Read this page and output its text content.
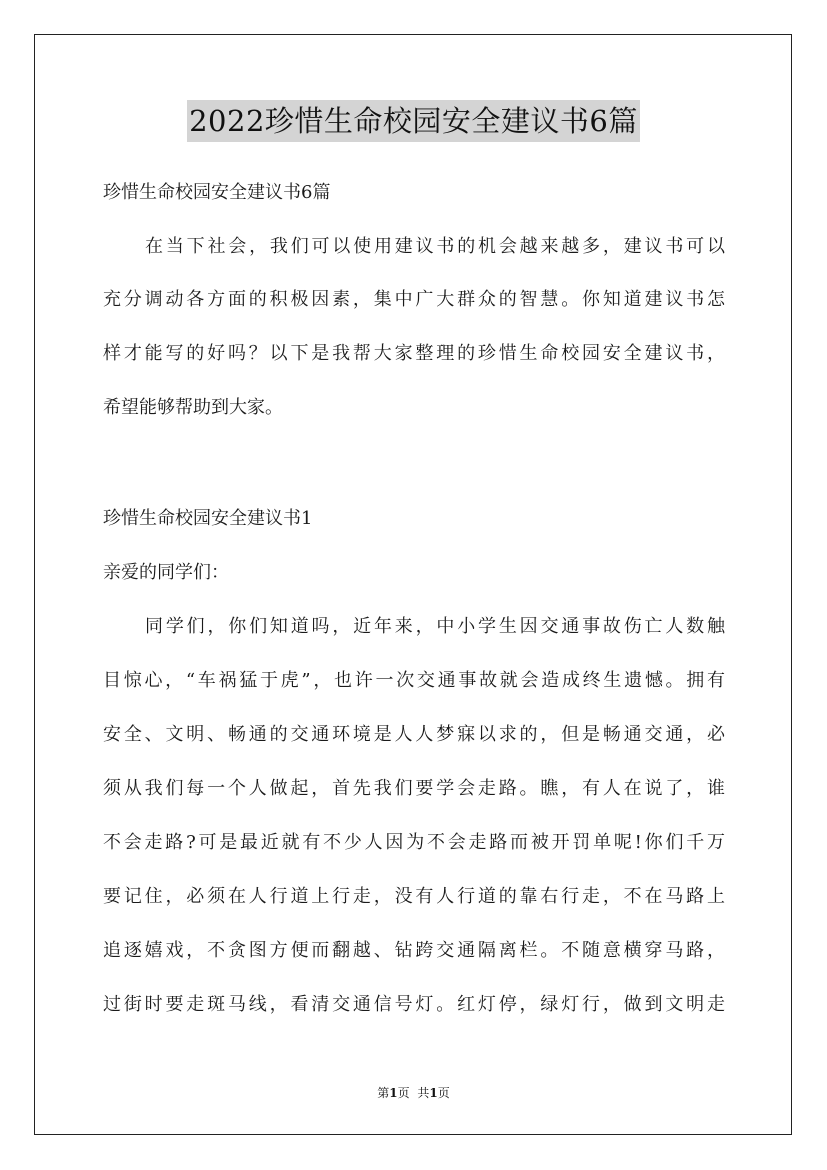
2022珍惜生命校园安全建议书6篇
珍惜生命校园安全建议书6篇
在当下社会，我们可以使用建议书的机会越来越多，建议书可以
充分调动各方面的积极因素，集中广大群众的智慧。你知道建议书怎
样才能写的好吗？以下是我帮大家整理的珍惜生命校园安全建议书，
希望能够帮助到大家。
珍惜生命校园安全建议书1
亲爱的同学们：
同学们，你们知道吗，近年来，中小学生因交通事故伤亡人数触
目惊心，“车祸猛于虎”，也许一次交通事故就会造成终生遗憾。拥有
安全、文明、畅通的交通环境是人人梦寐以求的，但是畅通交通，必
须从我们每一个人做起，首先我们要学会走路。瞧，有人在说了，谁
不会走路?可是最近就有不少人因为不会走路而被开罚单呢!你们千万
要记住，必须在人行道上行走，没有人行道的靠右行走，不在马路上
追逐嬉戏，不贪图方便而翻越、钻跨交通隔离栏。不随意横穿马路，
过街时要走斑马线，看清交通信号灯。红灯停，绿灯行，做到文明走
第1页 共1页
